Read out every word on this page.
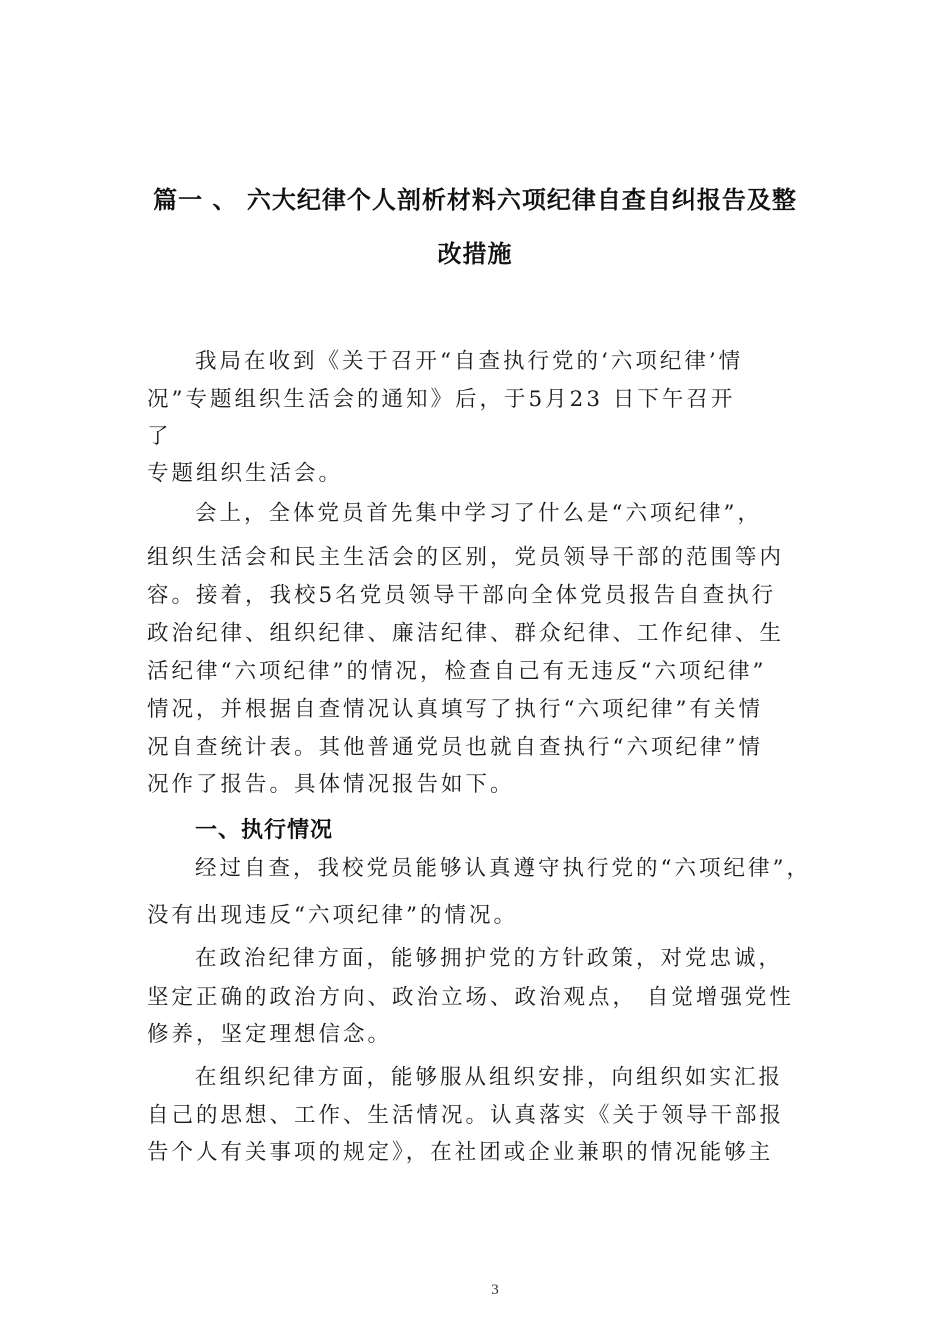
篇一 、 六大纪律个人剖析材料六项纪律自查自纠报告及整
改措施
我局在收到《关于召开“自查执行党的‘六项纪律’情
况”专题组织生活会的通知》后，于5月23 日下午召开
了
专题组织生活会。
会上，全体党员首先集中学习了什么是“六项纪律”，
组织生活会和民主生活会的区别，党员领导干部的范围等内
容。接着，我校5名党员领导干部向全体党员报告自查执行
政治纪律、组织纪律、廉洁纪律、群众纪律、工作纪律、生
活纪律“六项纪律”的情况，检查自己有无违反“六项纪律”
情况，并根据自查情况认真填写了执行“六项纪律”有关情
况自查统计表。其他普通党员也就自查执行“六项纪律”情
况作了报告。具体情况报告如下。
一、执行情况
经过自查，我校党员能够认真遵守执行党的“六项纪律”，
没有出现违反“六项纪律”的情况。
在政治纪律方面，能够拥护党的方针政策，对党忠诚，
坚定正确的政治方向、政治立场、政治观点， 自觉增强党性
修养，坚定理想信念。
在组织纪律方面，能够服从组织安排，向组织如实汇报
自己的思想、工作、生活情况。认真落实《关于领导干部报
告个人有关事项的规定》，在社团或企业兼职的情况能够主
3
